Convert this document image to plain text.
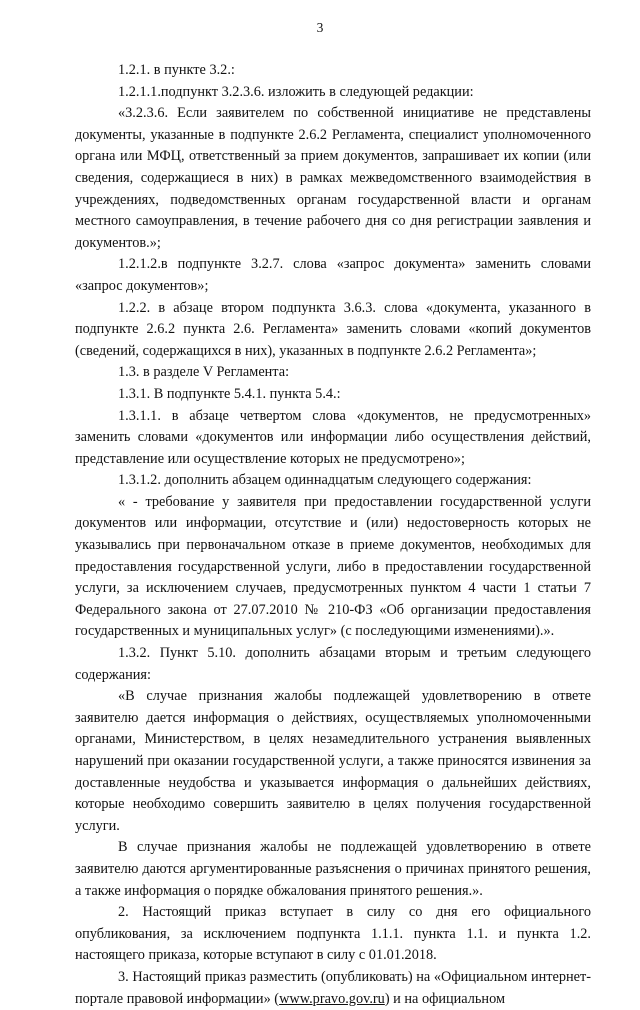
3

1.2.1. в пункте 3.2.:

1.2.1.1.подпункт 3.2.3.6. изложить в следующей редакции:

«3.2.3.6. Если заявителем по собственной инициативе не представлены документы, указанные в подпункте 2.6.2 Регламента, специалист уполномоченного органа или МФЦ, ответственный за прием документов, запрашивает их копии (или сведения, содержащиеся в них) в рамках межведомственного взаимодействия в учреждениях, подведомственных органам государственной власти и органам местного самоуправления, в течение рабочего дня со дня регистрации заявления и документов.»;

1.2.1.2.в подпункте 3.2.7. слова «запрос документа» заменить словами «запрос документов»;

1.2.2. в абзаце втором подпункта 3.6.3. слова «документа, указанного в подпункте 2.6.2 пункта 2.6. Регламента» заменить словами «копий документов (сведений, содержащихся в них), указанных в подпункте 2.6.2 Регламента»;

1.3. в разделе V Регламента:

1.3.1. В подпункте 5.4.1. пункта 5.4.:

1.3.1.1. в абзаце четвертом слова «документов, не предусмотренных» заменить словами «документов или информации либо осуществления действий, представление или осуществление которых не предусмотрено»;

1.3.1.2. дополнить абзацем одиннадцатым следующего содержания:

« - требование у заявителя при предоставлении государственной услуги документов или информации, отсутствие и (или) недостоверность которых не указывались при первоначальном отказе в приеме документов, необходимых для предоставления государственной услуги, либо в предоставлении государственной услуги, за исключением случаев, предусмотренных пунктом 4 части 1 статьи 7 Федерального закона от 27.07.2010 № 210-ФЗ «Об организации предоставления государственных и муниципальных услуг» (с последующими изменениями).».

1.3.2. Пункт 5.10. дополнить абзацами вторым и третьим следующего содержания:

«В случае признания жалобы подлежащей удовлетворению в ответе заявителю дается информация о действиях, осуществляемых уполномоченными органами, Министерством, в целях незамедлительного устранения выявленных нарушений при оказании государственной услуги, а также приносятся извинения за доставленные неудобства и указывается информация о дальнейших действиях, которые необходимо совершить заявителю в целях получения государственной услуги.

В случае признания жалобы не подлежащей удовлетворению в ответе заявителю даются аргументированные разъяснения о причинах принятого решения, а также информация о порядке обжалования принятого решения.».

2. Настоящий приказ вступает в силу со дня его официального опубликования, за исключением подпункта 1.1.1. пункта 1.1. и пункта 1.2. настоящего приказа, которые вступают в силу с 01.01.2018.

3. Настоящий приказ разместить (опубликовать) на «Официальном интернет-портале правовой информации» (www.pravo.gov.ru) и на официальном
